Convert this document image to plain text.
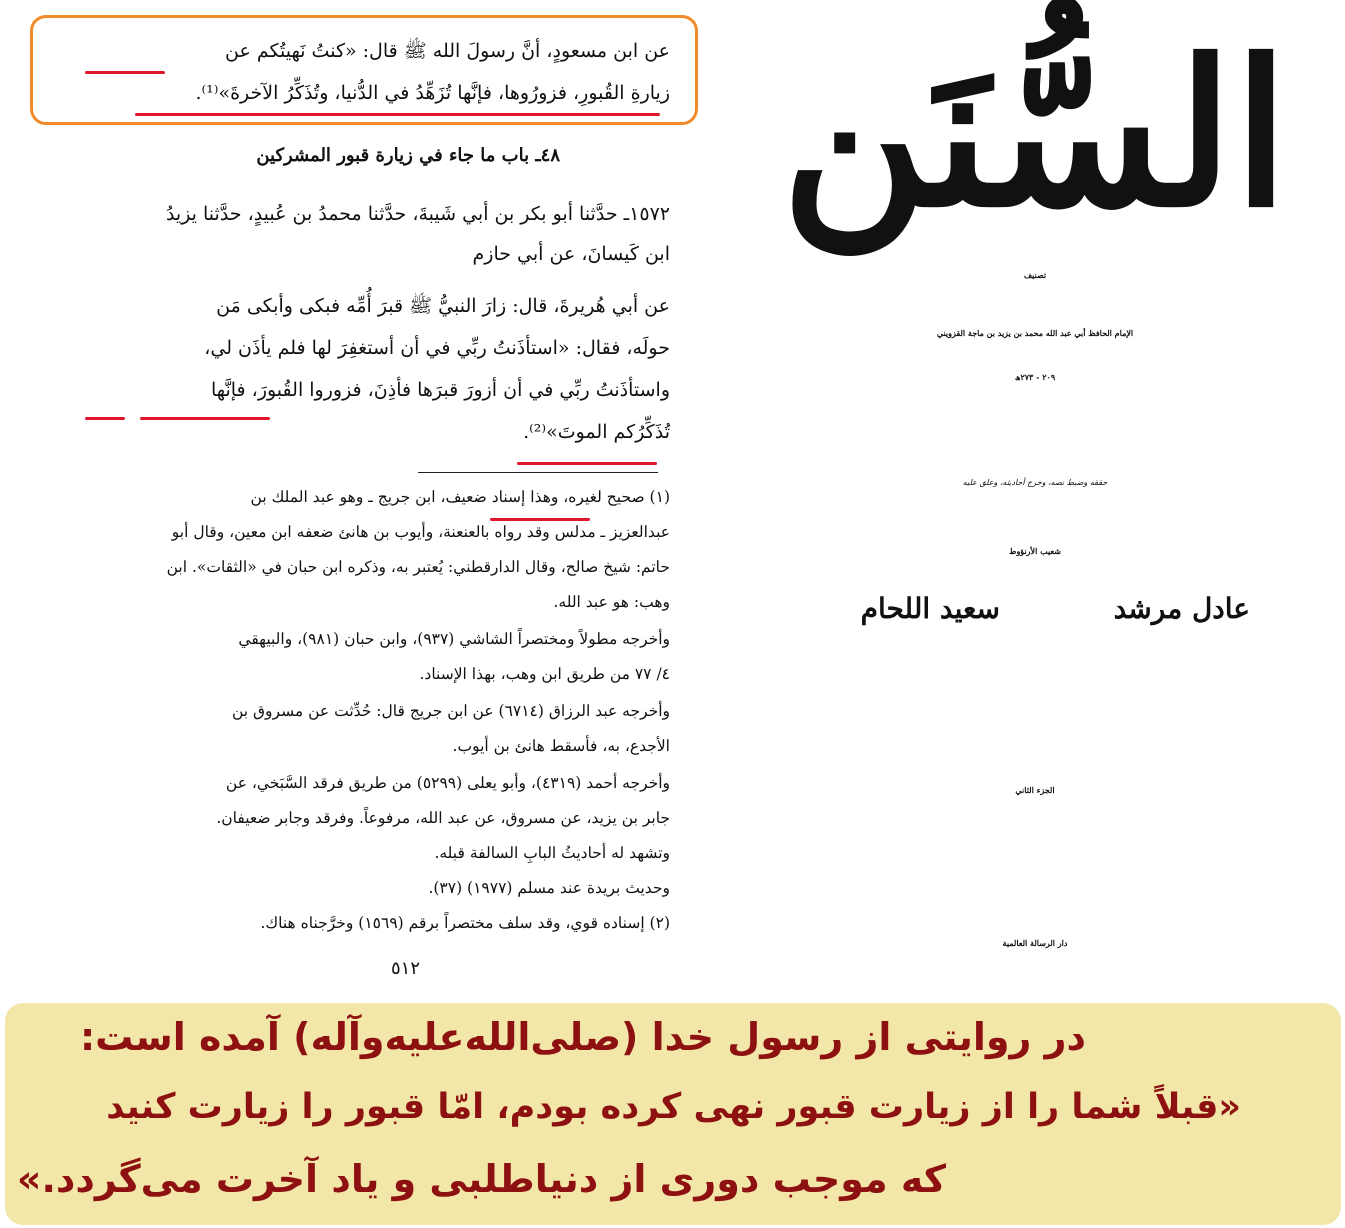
عن ابن مسعودٍ، أنَّ رسولَ الله ﷺ قال: «كنتُ نَهيتُكم عن
زيارةِ القُبورِ، فزورُوها، فإنَّها تُزَهِّدُ في الدُّنيا، وتُذَكِّرُ الآخرةَ»⁽¹⁾.
٤٨ـ باب ما جاء في زيارة قبور المشركين
١٥٧٢ـ حدَّثنا أبو بكر بن أبي شَيبةَ، حدَّثنا محمدُ بن عُبيدٍ، حدَّثنا يزيدُ
ابن كَيسانَ، عن أبي حازم
عن أبي هُريرةَ، قال: زارَ النبيُّ ﷺ قبرَ أُمِّه فبكى وأبكى مَن
حولَه، فقال: «استأذَنتُ ربِّي في أن أستغفِرَ لها فلم يأذَن لي،
واستأذَنتُ ربِّي في أن أزورَ قبرَها فأذِنَ، فزوروا القُبورَ، فإنَّها
تُذَكِّرُكم الموتَ»⁽²⁾.
(١) صحيح لغيره، وهذا إسناد ضعيف، ابن جريج ـ وهو عبد الملك بن
عبدالعزيز ـ مدلس وقد رواه بالعنعنة، وأيوب بن هانئ ضعفه ابن معين، وقال أبو
حاتم: شيخ صالح، وقال الدارقطني: يُعتبر به، وذكره ابن حبان في «الثقات». ابن
وهب: هو عبد الله.
وأخرجه مطولاً ومختصراً الشاشي (٩٣٧)، وابن حبان (٩٨١)، والبيهقي
٤/ ٧٧ من طريق ابن وهب، بهذا الإسناد.
وأخرجه عبد الرزاق (٦٧١٤) عن ابن جريج قال: حُدِّثت عن مسروق بن
الأجدع، به، فأسقط هانئ بن أيوب.
وأخرجه أحمد (٤٣١٩)، وأبو يعلى (٥٢٩٩) من طريق فرقد السَّبَخي، عن
جابر بن يزيد، عن مسروق، عن عبد الله، مرفوعاً. وفرقد وجابر ضعيفان.
وتشهد له أحاديثُ البابِ السالفة قبله.
وحديث بريدة عند مسلم (١٩٧٧) (٣٧).
(٢) إسناده قوي، وقد سلف مختصراً برقم (١٥٦٩) وخرَّجناه هناك.
٥١٢
السُّنَن
تصنيف
الإمام الحافظ أبي عبد الله محمد بن يزيد بن ماجة القزويني
٢٠٩ - ٢٧٣ھ
حققه وضبط نصه، وخرج أحاديثه، وعلق عليه
شعيب الأرنؤوط
عادل مرشد
سعيد اللحام
الجزء الثاني
دار الرسالة العالمية
در روایتی از رسول خدا (صلی‌الله‌علیه‌وآله) آمده است:
«قبلاً شما را از زیارت قبور نهی کرده بودم، امّا قبور را زیارت کنید
که موجب دوری از دنیاطلبی و یاد آخرت می‌گردد.»
